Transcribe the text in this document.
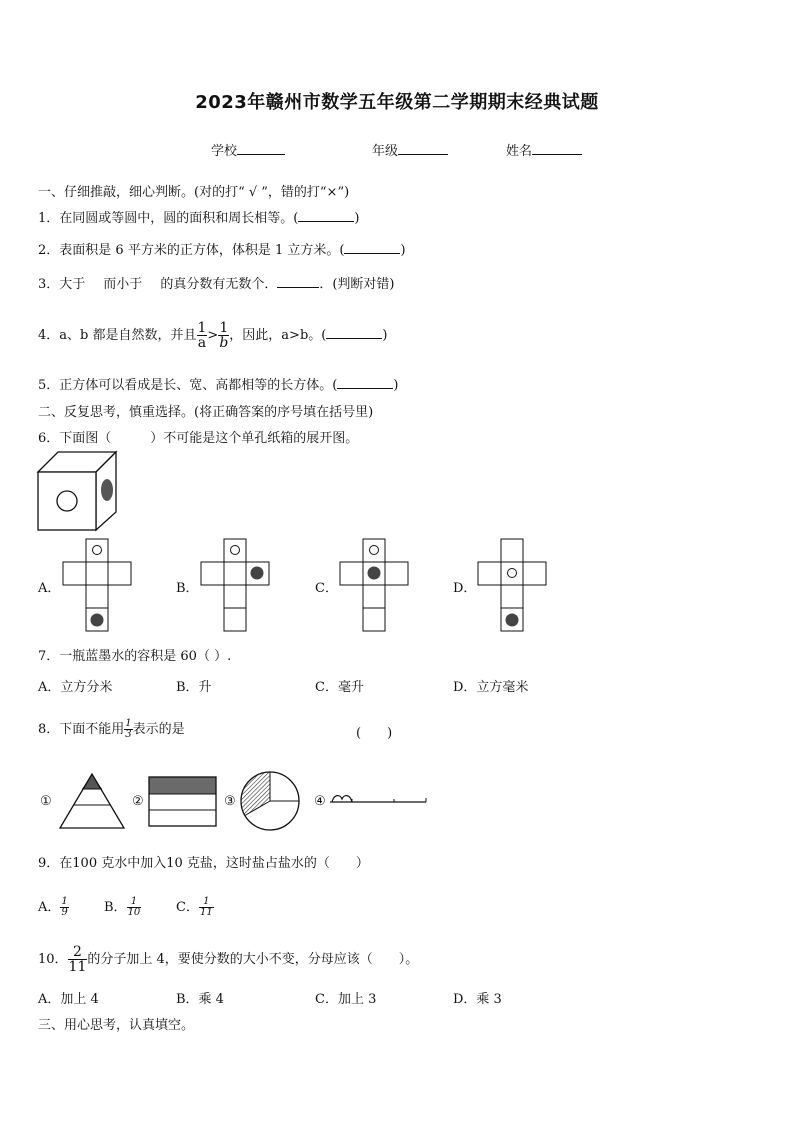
2023年赣州市数学五年级第二学期期末经典试题
学校	年级	姓名
一、仔细推敲，细心判断。(对的打“ √ ”，错的打“×”)
1．在同圆或等圆中，圆的面积和周长相等。(	)
2．表面积是 6 平方米的正方体，体积是 1 立方米。(	)
3．大于 而小于 的真分数有无数个．	．(判断对错)
4．a、b 都是自然数，并且 $\frac{1}{a} > \frac{1}{b}$ ，因此，a>b。(	)
5．正方体可以看成是长、宽、高都相等的长方体。(	)
二、反复思考，慎重选择。(将正确答案的序号填在括号里)
6．下面图（　　　）不可能是这个单孔纸箱的展开图。
A．	B．	C．	D．
7．一瓶蓝墨水的容积是 60（ ）.
A．立方分米	B．升	C．毫升	D．立方毫米
8．下面不能用 $\frac{1}{3}$ 表示的是	(　　)
①	②	③	④
9．在100 克水中加入10 克盐，这时盐占盐水的（　　）
A． $\frac{1}{9}$	B． $\frac{1}{10}$	C． $\frac{1}{11}$
10． $\frac{2}{11}$ 的分子加上 4，要使分数的大小不变，分母应该（　　）。
A．加上 4	B．乘 4	C．加上 3	D．乘 3
三、用心思考，认真填空。
